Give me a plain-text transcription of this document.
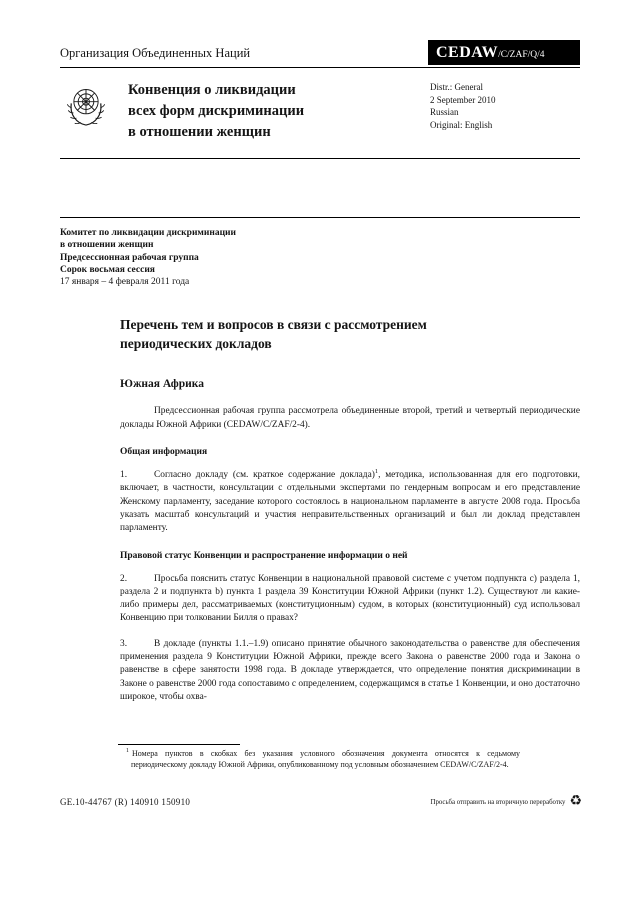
Организация Объединенных Наций	CEDAW/C/ZAF/Q/4
Конвенция о ликвидации
всех форм дискриминации
в отношении женщин
Distr.: General
2 September 2010
Russian
Original: English
Комитет по ликвидации дискриминации
в отношении женщин
Предсессионная рабочая группа
Сорок восьмая сессия
17 января – 4 февраля 2011 года
Перечень тем и вопросов в связи с рассмотрением
периодических докладов
Южная Африка
Предсессионная рабочая группа рассмотрела объединенные второй, третий и четвертый периодические доклады Южной Африки (CEDAW/C/ZAF/2-4).
Общая информация
1.	Согласно докладу (см. краткое содержание доклада)$^1$, методика, использованная для его подготовки, включает, в частности, консультации с отдельными экспертами по гендерным вопросам и его представление Женскому парламенту, заседание которого состоялось в национальном парламенте в августе 2008 года. Просьба указать масштаб консультаций и участия неправительственных организаций и был ли доклад представлен парламенту.
Правовой статус Конвенции и распространение информации о ней
2.	Просьба пояснить статус Конвенции в национальной правовой системе с учетом подпункта c) раздела 1, раздела 2 и подпункта b) пункта 1 раздела 39 Конституции Южной Африки (пункт 1.2). Существуют ли какие-либо примеры дел, рассматриваемых (конституционным) судом, в которых (конституционный) суд использовал Конвенцию при толковании Билля о правах?
3.	В докладе (пункты 1.1.–1.9) описано принятие обычного законодательства о равенстве для обеспечения применения раздела 9 Конституции Южной Африки, прежде всего Закона о равенстве 2000 года и Закона о равенстве в сфере занятости 1998 года. В докладе утверждается, что определение понятия дискриминации в Законе о равенстве 2000 года сопоставимо с определением, содержащимся в статье 1 Конвенции, и оно достаточно широкое, чтобы охва-
$^1$ Номера пунктов в скобках без указания условного обозначения документа относятся к седьмому периодическому докладу Южной Африки, опубликованному под условным обозначением CEDAW/C/ZAF/2-4.
GE.10-44767 (R) 140910 150910	Просьба отправить на вторичную переработку ♻
